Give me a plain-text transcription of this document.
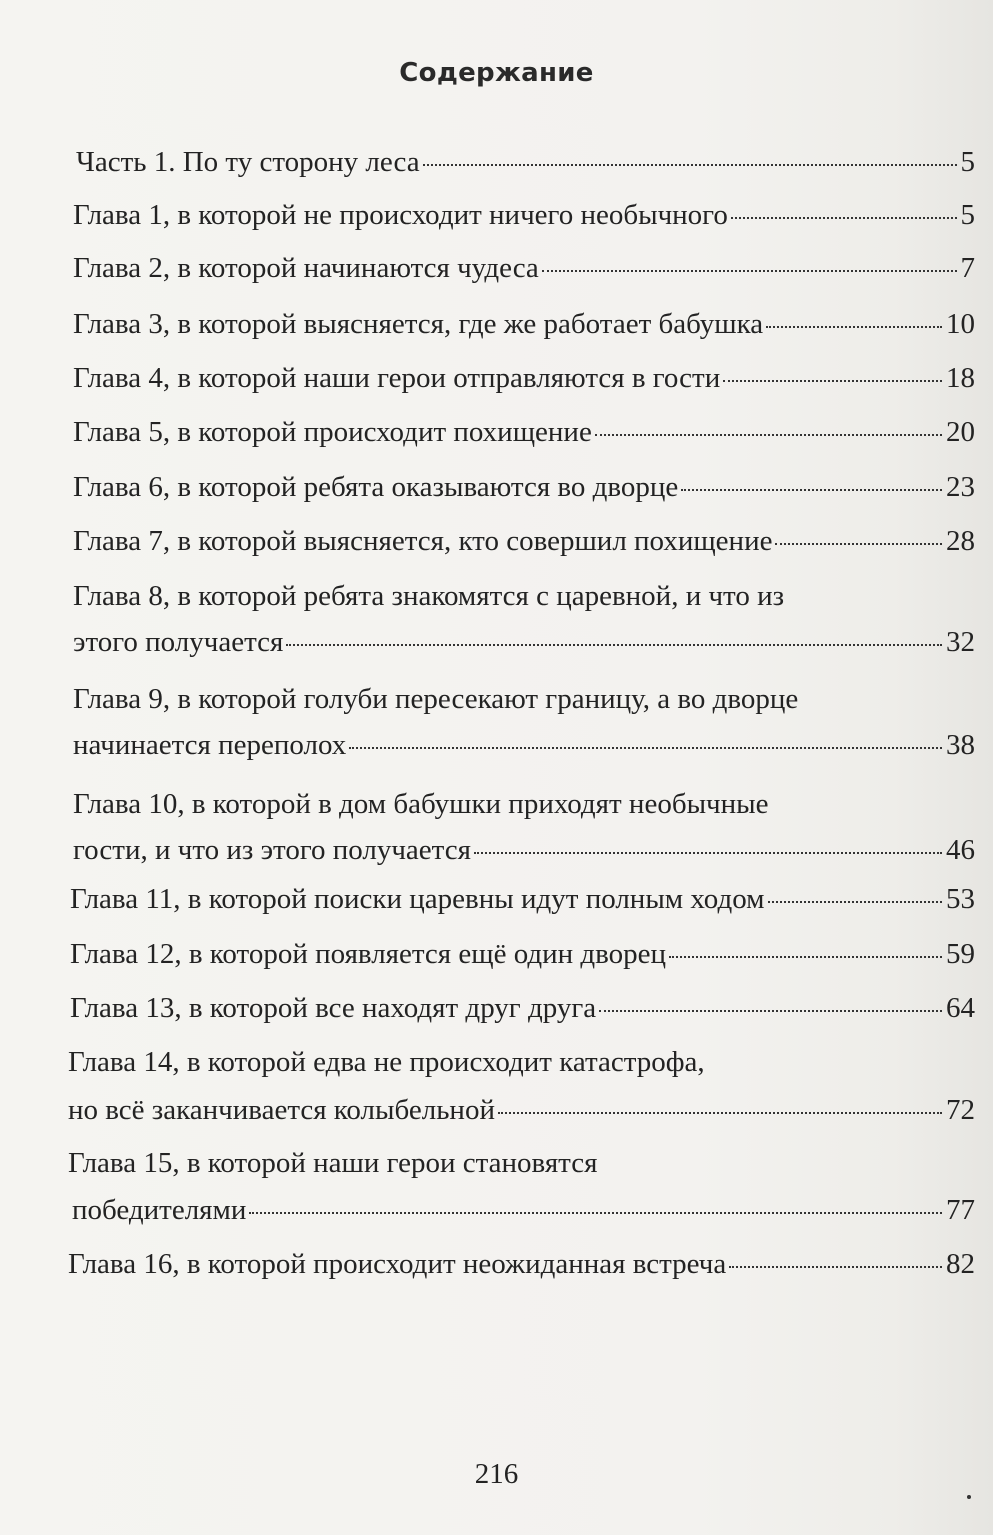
Содержание
Часть 1. По ту сторону леса	5
Глава 1, в которой не происходит ничего необычного	5
Глава 2, в которой начинаются чудеса	7
Глава 3, в которой выясняется, где же работает бабушка	10
Глава 4, в которой наши герои отправляются в гости	18
Глава 5, в которой происходит похищение	20
Глава 6, в которой ребята оказываются во дворце	23
Глава 7, в которой выясняется, кто совершил похищение	28
Глава 8, в которой ребята знакомятся с царевной, и что из
этого получается	32
Глава 9, в которой голуби пересекают границу, а во дворце
начинается переполох	38
Глава 10, в которой в дом бабушки приходят необычные
гости, и что из этого получается	46
Глава 11, в которой поиски царевны идут полным ходом	53
Глава 12, в которой появляется ещё один дворец	59
Глава 13, в которой все находят друг друга	64
Глава 14, в которой едва не происходит катастрофа,
но всё заканчивается колыбельной	72
Глава 15, в которой наши герои становятся
победителями	77
Глава 16, в которой происходит неожиданная встреча	82
216
